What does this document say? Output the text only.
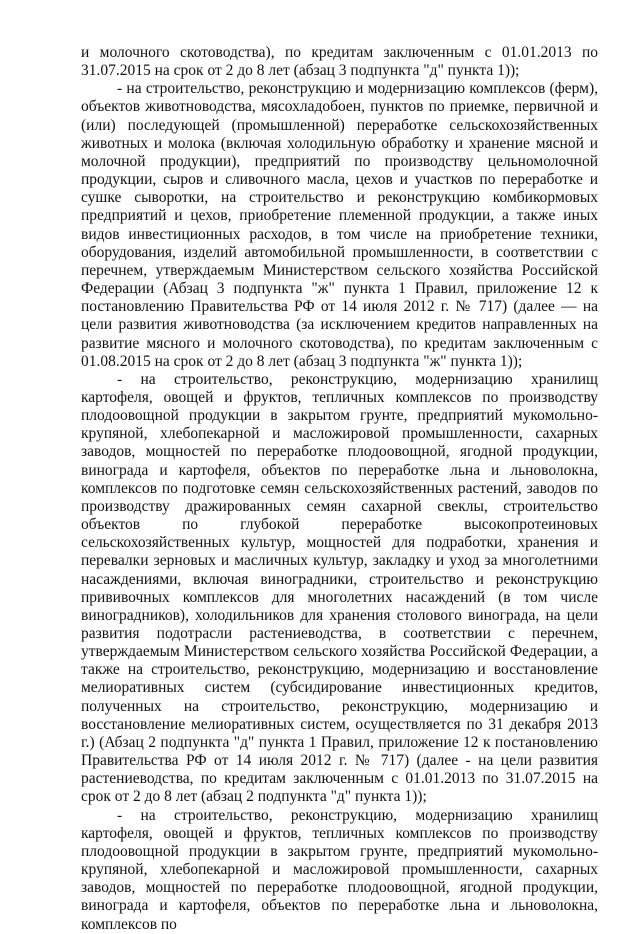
и молочного скотоводства), по кредитам заключенным с 01.01.2013 по 31.07.2015 на срок от 2 до 8 лет (абзац 3 подпункта "д" пункта 1));

- на строительство, реконструкцию и модернизацию комплексов (ферм), объектов животноводства, мясохладобоен, пунктов по приемке, первичной и (или) последующей (промышленной) переработке сельскохозяйственных животных и молока (включая холодильную обработку и хранение мясной и молочной продукции), предприятий по производству цельномолочной продукции, сыров и сливочного масла, цехов и участков по переработке и сушке сыворотки, на строительство и реконструкцию комбикормовых предприятий и цехов, приобретение племенной продукции, а также иных видов инвестиционных расходов, в том числе на приобретение техники, оборудования, изделий автомобильной промышленности, в соответствии с перечнем, утверждаемым Министерством сельского хозяйства Российской Федерации (Абзац 3 подпункта "ж" пункта 1 Правил, приложение 12 к постановлению Правительства РФ от 14 июля 2012 г. № 717) (далее — на цели развития животноводства (за исключением кредитов направленных на развитие мясного и молочного скотоводства), по кредитам заключенным с 01.08.2015 на срок от 2 до 8 лет (абзац 3 подпункта "ж" пункта 1));

- на строительство, реконструкцию, модернизацию хранилищ картофеля, овощей и фруктов, тепличных комплексов по производству плодоовощной продукции в закрытом грунте, предприятий мукомольно-крупяной, хлебопекарной и масложировой промышленности, сахарных заводов, мощностей по переработке плодоовощной, ягодной продукции, винограда и картофеля, объектов по переработке льна и льноволокна, комплексов по подготовке семян сельскохозяйственных растений, заводов по производству дражированных семян сахарной свеклы, строительство объектов по глубокой переработке высокопротеиновых сельскохозяйственных культур, мощностей для подработки, хранения и перевалки зерновых и масличных культур, закладку и уход за многолетними насаждениями, включая виноградники, строительство и реконструкцию прививочных комплексов для многолетних насаждений (в том числе виноградников), холодильников для хранения столового винограда, на цели развития подотрасли растениеводства, в соответствии с перечнем, утверждаемым Министерством сельского хозяйства Российской Федерации, а также на строительство, реконструкцию, модернизацию и восстановление мелиоративных систем (субсидирование инвестиционных кредитов, полученных на строительство, реконструкцию, модернизацию и восстановление мелиоративных систем, осуществляется по 31 декабря 2013 г.) (Абзац 2 подпункта "д" пункта 1 Правил, приложение 12 к постановлению Правительства РФ от 14 июля 2012 г. № 717) (далее - на цели развития растениеводства, по кредитам заключенным с 01.01.2013 по 31.07.2015 на срок от 2 до 8 лет (абзац 2 подпункта "д" пункта 1));

- на строительство, реконструкцию, модернизацию хранилищ картофеля, овощей и фруктов, тепличных комплексов по производству плодоовощной продукции в закрытом грунте, предприятий мукомольно-крупяной, хлебопекарной и масложировой промышленности, сахарных заводов, мощностей по переработке плодоовощной, ягодной продукции, винограда и картофеля, объектов по переработке льна и льноволокна, комплексов по
